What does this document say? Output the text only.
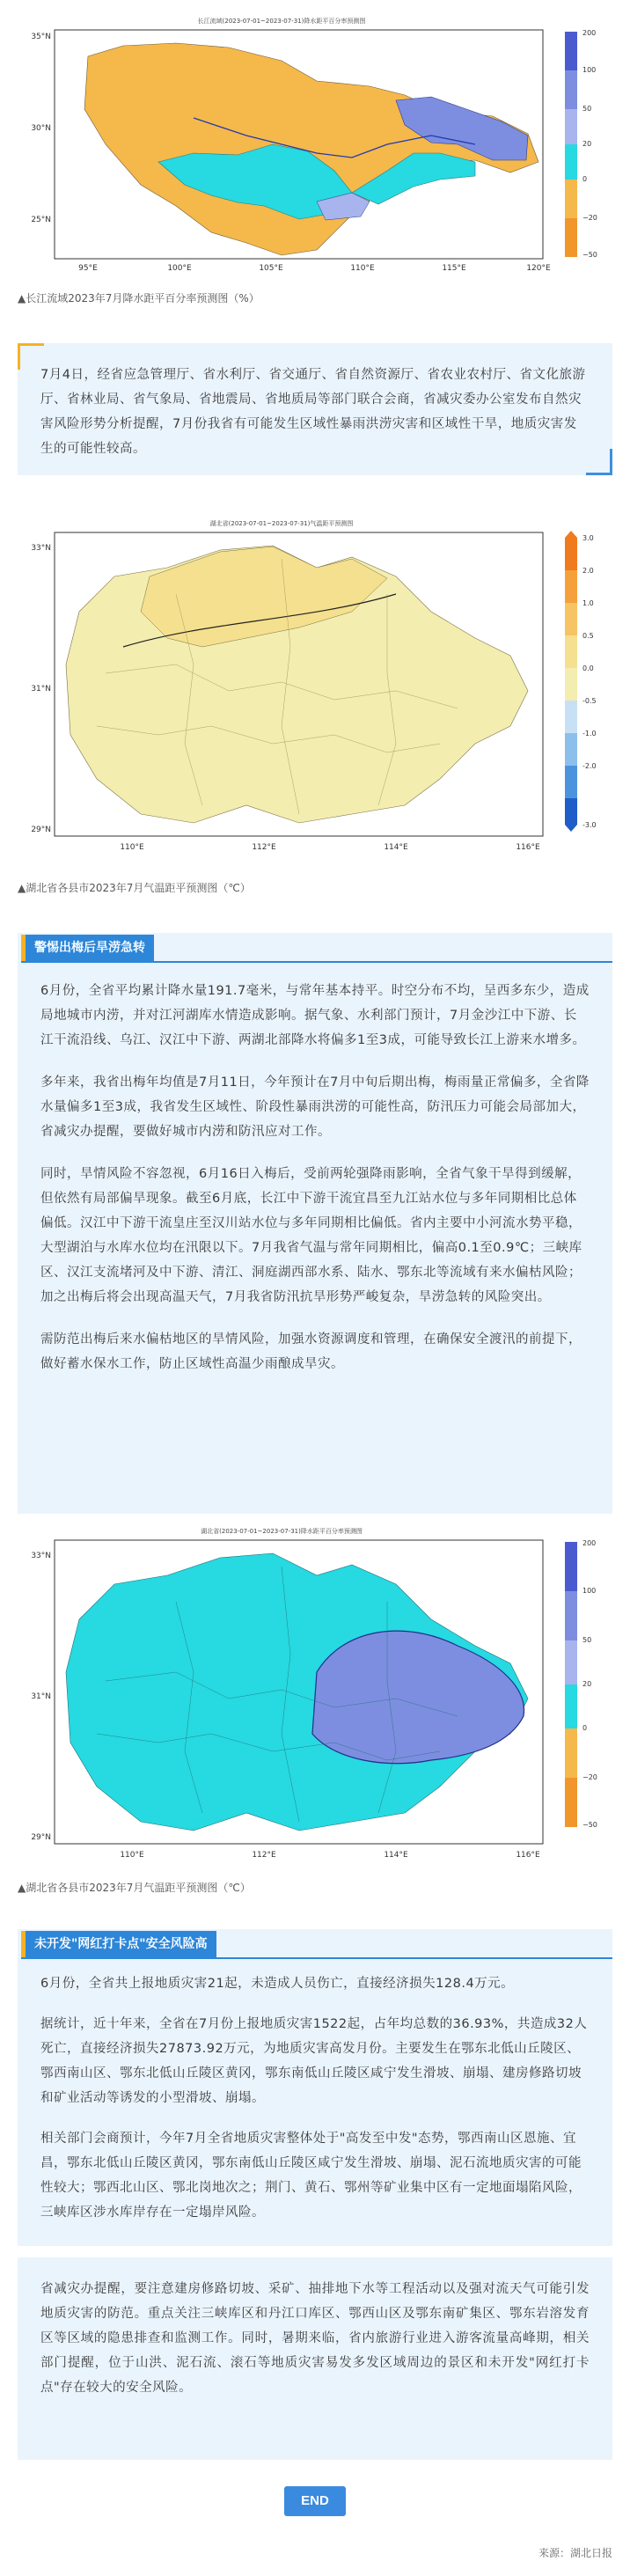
长江流域(2023-07-01~2023-07-31)降水距平百分率预测图
95°E	100°E	105°E	110°E	115°E	120°E
35°N
30°N
25°N
200
100
50
20
0
−20
−50
▲长江流域2023年7月降水距平百分率预测图（%）

7月4日，经省应急管理厅、省水利厅、省交通厅、省自然资源厅、省农业农村厅、省文化旅游厅、省林业局、省气象局、省地震局、省地质局等部门联合会商，省减灾委办公室发布自然灾害风险形势分析提醒，7月份我省有可能发生区域性暴雨洪涝灾害和区域性干旱，地质灾害发生的可能性较高。

湖北省(2023-07-01~2023-07-31)气温距平预测图
110°E	112°E	114°E	116°E
33°N
31°N
29°N
3.0
2.0
1.0
0.5
0.0
-0.5
-1.0
-2.0
-3.0
▲湖北省各县市2023年7月气温距平预测图（℃）
警惕出梅后旱涝急转

6月份，全省平均累计降水量191.7毫米，与常年基本持平。时空分布不均，呈西多东少，造成局地城市内涝，并对江河湖库水情造成影响。据气象、水利部门预计，7月金沙江中下游、长江干流沿线、乌江、汉江中下游、两湖北部降水将偏多1至3成，可能导致长江上游来水增多。

多年来，我省出梅年均值是7月11日，今年预计在7月中旬后期出梅，梅雨量正常偏多，全省降水量偏多1至3成，我省发生区域性、阶段性暴雨洪涝的可能性高，防汛压力可能会局部加大，省减灾办提醒，要做好城市内涝和防汛应对工作。

同时，旱情风险不容忽视，6月16日入梅后，受前两轮强降雨影响，全省气象干旱得到缓解，但依然有局部偏旱现象。截至6月底，长江中下游干流宜昌至九江站水位与多年同期相比总体偏低。汉江中下游干流皇庄至汉川站水位与多年同期相比偏低。省内主要中小河流水势平稳，大型湖泊与水库水位均在汛限以下。7月我省气温与常年同期相比，偏高0.1至0.9℃；三峡库区、汉江支流堵河及中下游、清江、洞庭湖西部水系、陆水、鄂东北等流域有来水偏枯风险；加之出梅后将会出现高温天气，7月我省防汛抗旱形势严峻复杂，旱涝急转的风险突出。

需防范出梅后来水偏枯地区的旱情风险，加强水资源调度和管理，在确保安全渡汛的前提下，做好蓄水保水工作，防止区域性高温少雨酿成旱灾。

湖北省(2023-07-01~2023-07-31)降水距平百分率预测图
110°E	112°E	114°E	116°E
33°N
31°N
29°N
200
100
50
20
0
−20
−50
▲湖北省各县市2023年7月气温距平预测图（℃）
未开发"网红打卡点"安全风险高

6月份，全省共上报地质灾害21起，未造成人员伤亡，直接经济损失128.4万元。

据统计，近十年来，全省在7月份上报地质灾害1522起，占年均总数的36.93%，共造成32人死亡，直接经济损失27873.92万元，为地质灾害高发月份。主要发生在鄂东北低山丘陵区、鄂西南山区、鄂东北低山丘陵区黄冈，鄂东南低山丘陵区咸宁发生滑坡、崩塌、建房修路切坡和矿业活动等诱发的小型滑坡、崩塌。

相关部门会商预计，今年7月全省地质灾害整体处于"高发至中发"态势，鄂西南山区恩施、宜昌，鄂东北低山丘陵区黄冈，鄂东南低山丘陵区咸宁发生滑坡、崩塌、泥石流地质灾害的可能性较大；鄂西北山区、鄂北岗地次之；荆门、黄石、鄂州等矿业集中区有一定地面塌陷风险，三峡库区涉水库岸存在一定塌岸风险。

省减灾办提醒，要注意建房修路切坡、采矿、抽排地下水等工程活动以及强对流天气可能引发地质灾害的防范。重点关注三峡库区和丹江口库区、鄂西山区及鄂东南矿集区、鄂东岩溶发育区等区域的隐患排查和监测工作。同时，暑期来临，省内旅游行业进入游客流量高峰期，相关部门提醒，位于山洪、泥石流、滚石等地质灾害易发多发区域周边的景区和未开发"网红打卡点"存在较大的安全风险。

END
来源：湖北日报
